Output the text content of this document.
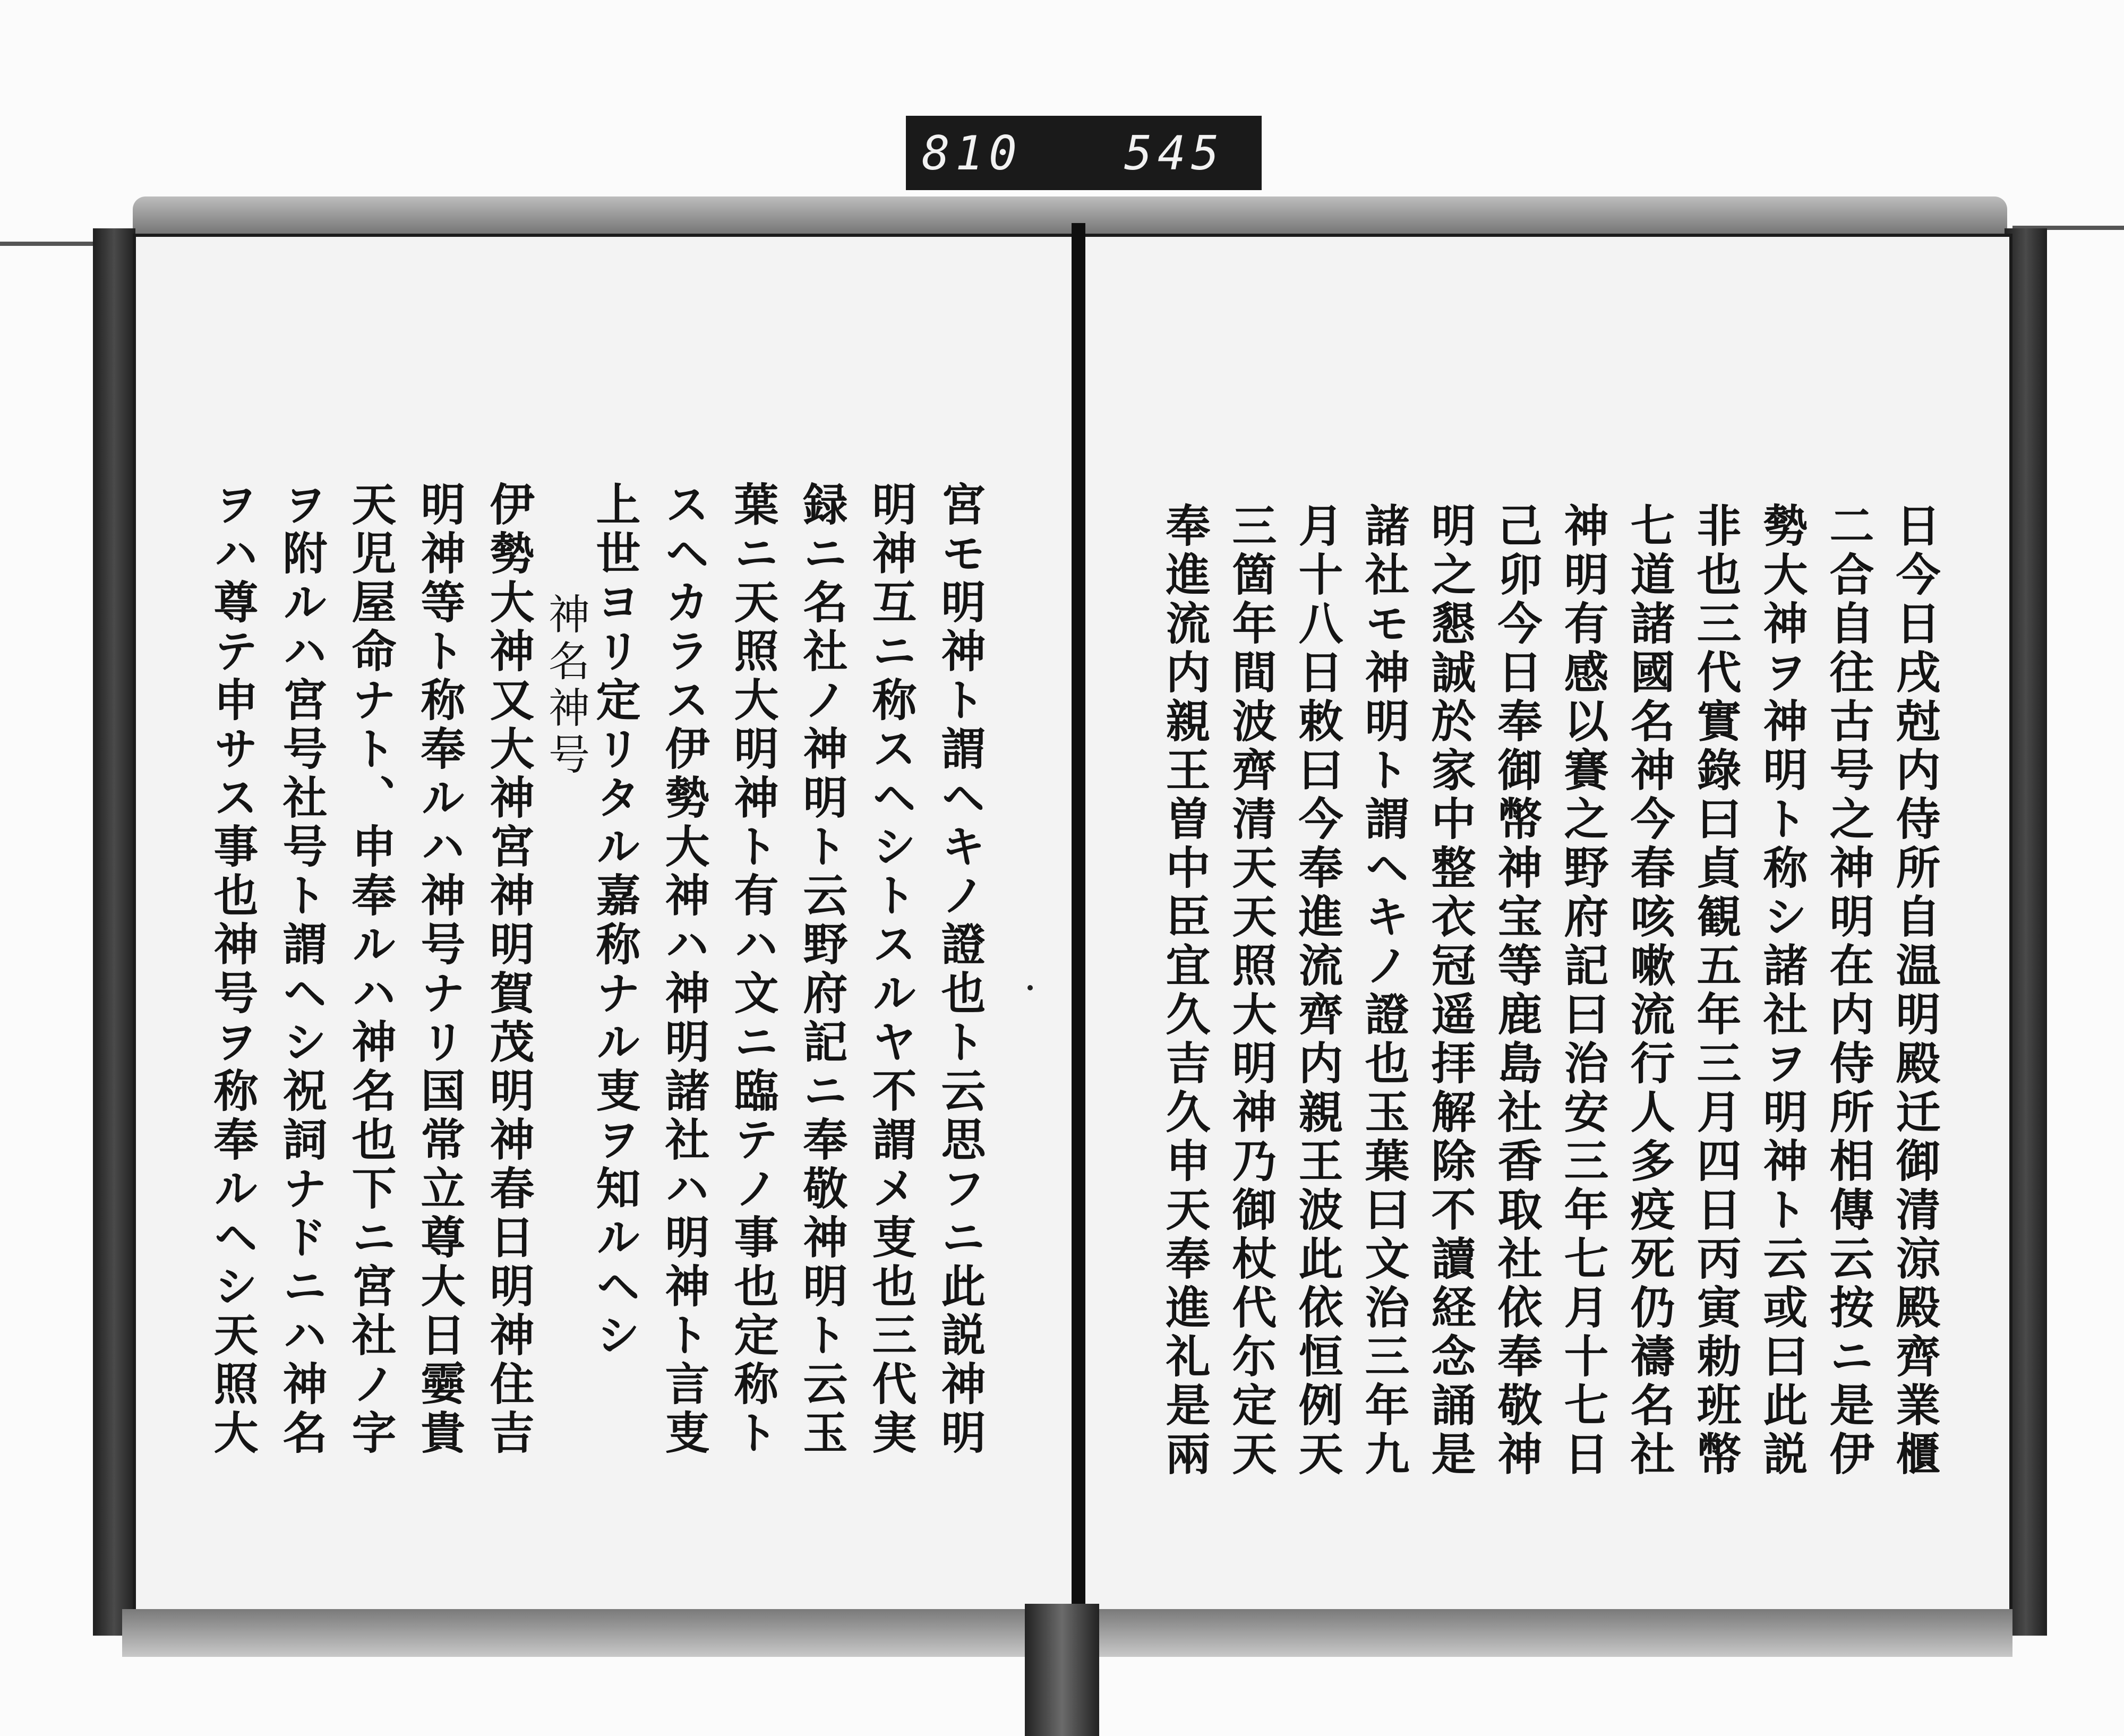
810 545
宮モ明神ト謂ヘキノ證也ト云思フニ此説神明
明神互ニ称スヘシトスルヤ不謂メ叓也三代実
録ニ名社ノ神明ト云野府記ニ奉敬神明ト云玉
葉ニ天照大明神ト有ハ文ニ臨テノ事也定称ト
スヘカラス伊勢大神ハ神明諸社ハ明神ト言叓
上世ヨリ定リタル嘉称ナル叓ヲ知ルヘシ
神名神号
伊勢大神又大神宮神明賀茂明神春日明神住吉
明神等ト称奉ルハ神号ナリ国常立尊大日孁貴
天児屋命ナト、申奉ルハ神名也下ニ宮社ノ字
ヲ附ルハ宮号社号ト謂ヘシ祝詞ナドニハ神名
ヲハ尊テ申サス事也神号ヲ称奉ルヘシ天照大	日今日戌尅内侍所自温明殿迁御清涼殿齊業櫃
二合自往古号之神明在内侍所相傳云按ニ是伊
勢大神ヲ神明ト称シ諸社ヲ明神ト云或曰此説
非也三代實錄曰貞観五年三月四日丙寅勅班幣
七道諸國名神今春咳嗽流行人多疫死仍禱名社
神明有感以賽之野府記曰治安三年七月十七日
己卯今日奉御幣神宝等鹿島社香取社依奉敬神
明之懇誠於家中整衣冠遥拝解除不讀経念誦是
諸社モ神明ト謂ヘキノ證也玉葉曰文治三年九
月十八日敕曰今奉進流齊内親王波此依恒例天
三箇年間波齊清天天照大明神乃御杖代尓定天
奉進流内親王曽中臣宜久吉久申天奉進礼是兩
